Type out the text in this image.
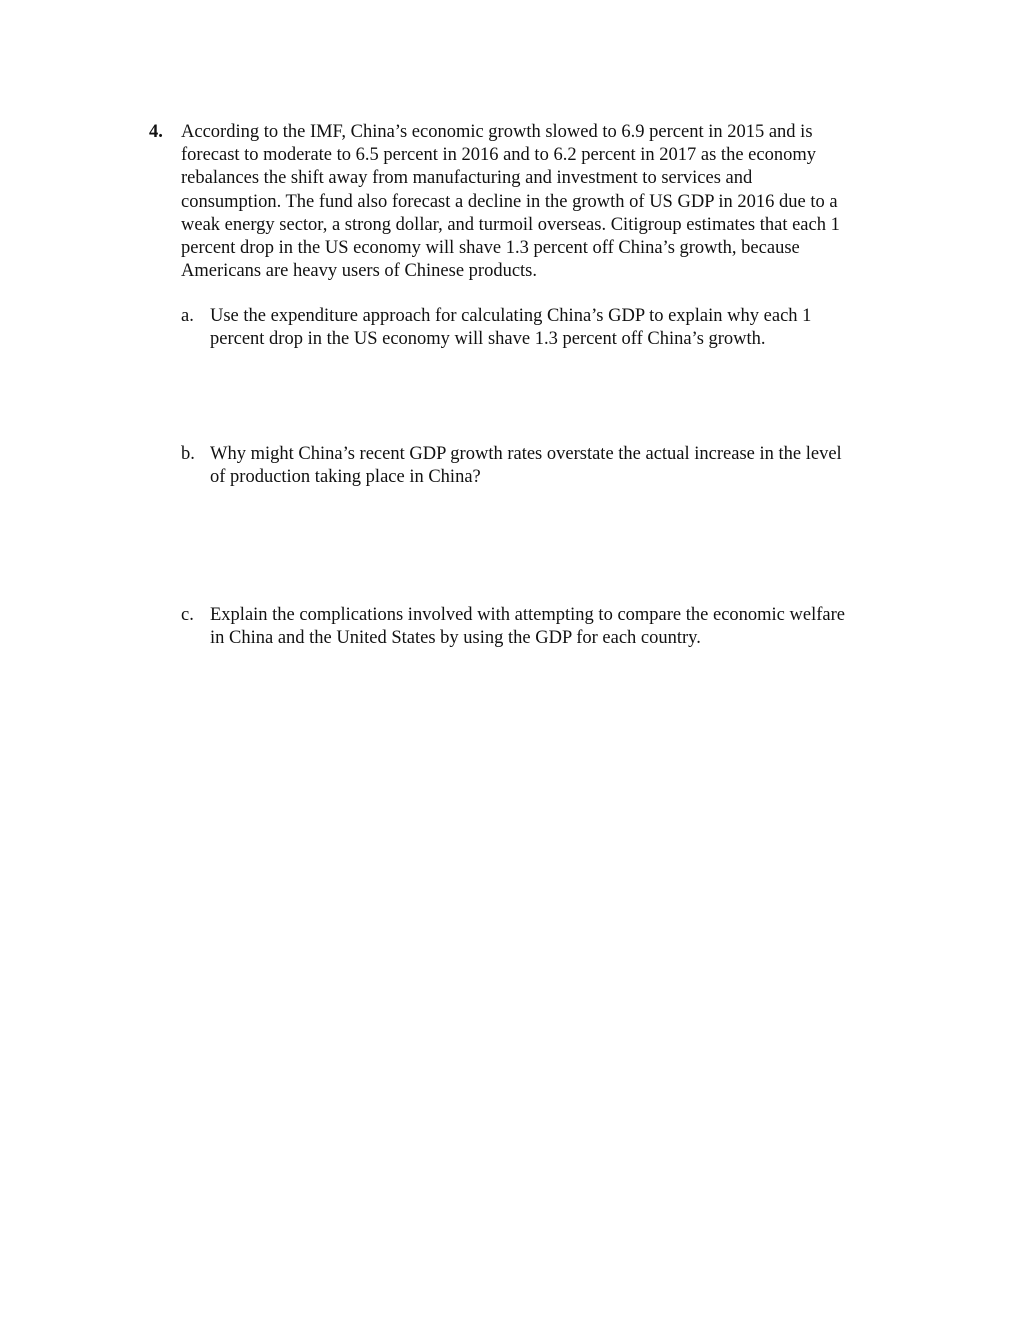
4. According to the IMF, China’s economic growth slowed to 6.9 percent in 2015 and is
forecast to moderate to 6.5 percent in 2016 and to 6.2 percent in 2017 as the economy
rebalances the shift away from manufacturing and investment to services and
consumption. The fund also forecast a decline in the growth of US GDP in 2016 due to a
weak energy sector, a strong dollar, and turmoil overseas. Citigroup estimates that each 1
percent drop in the US economy will shave 1.3 percent off China’s growth, because
Americans are heavy users of Chinese products.

a. Use the expenditure approach for calculating China’s GDP to explain why each 1
percent drop in the US economy will shave 1.3 percent off China’s growth.

b. Why might China’s recent GDP growth rates overstate the actual increase in the level
of production taking place in China?

c. Explain the complications involved with attempting to compare the economic welfare
in China and the United States by using the GDP for each country.
